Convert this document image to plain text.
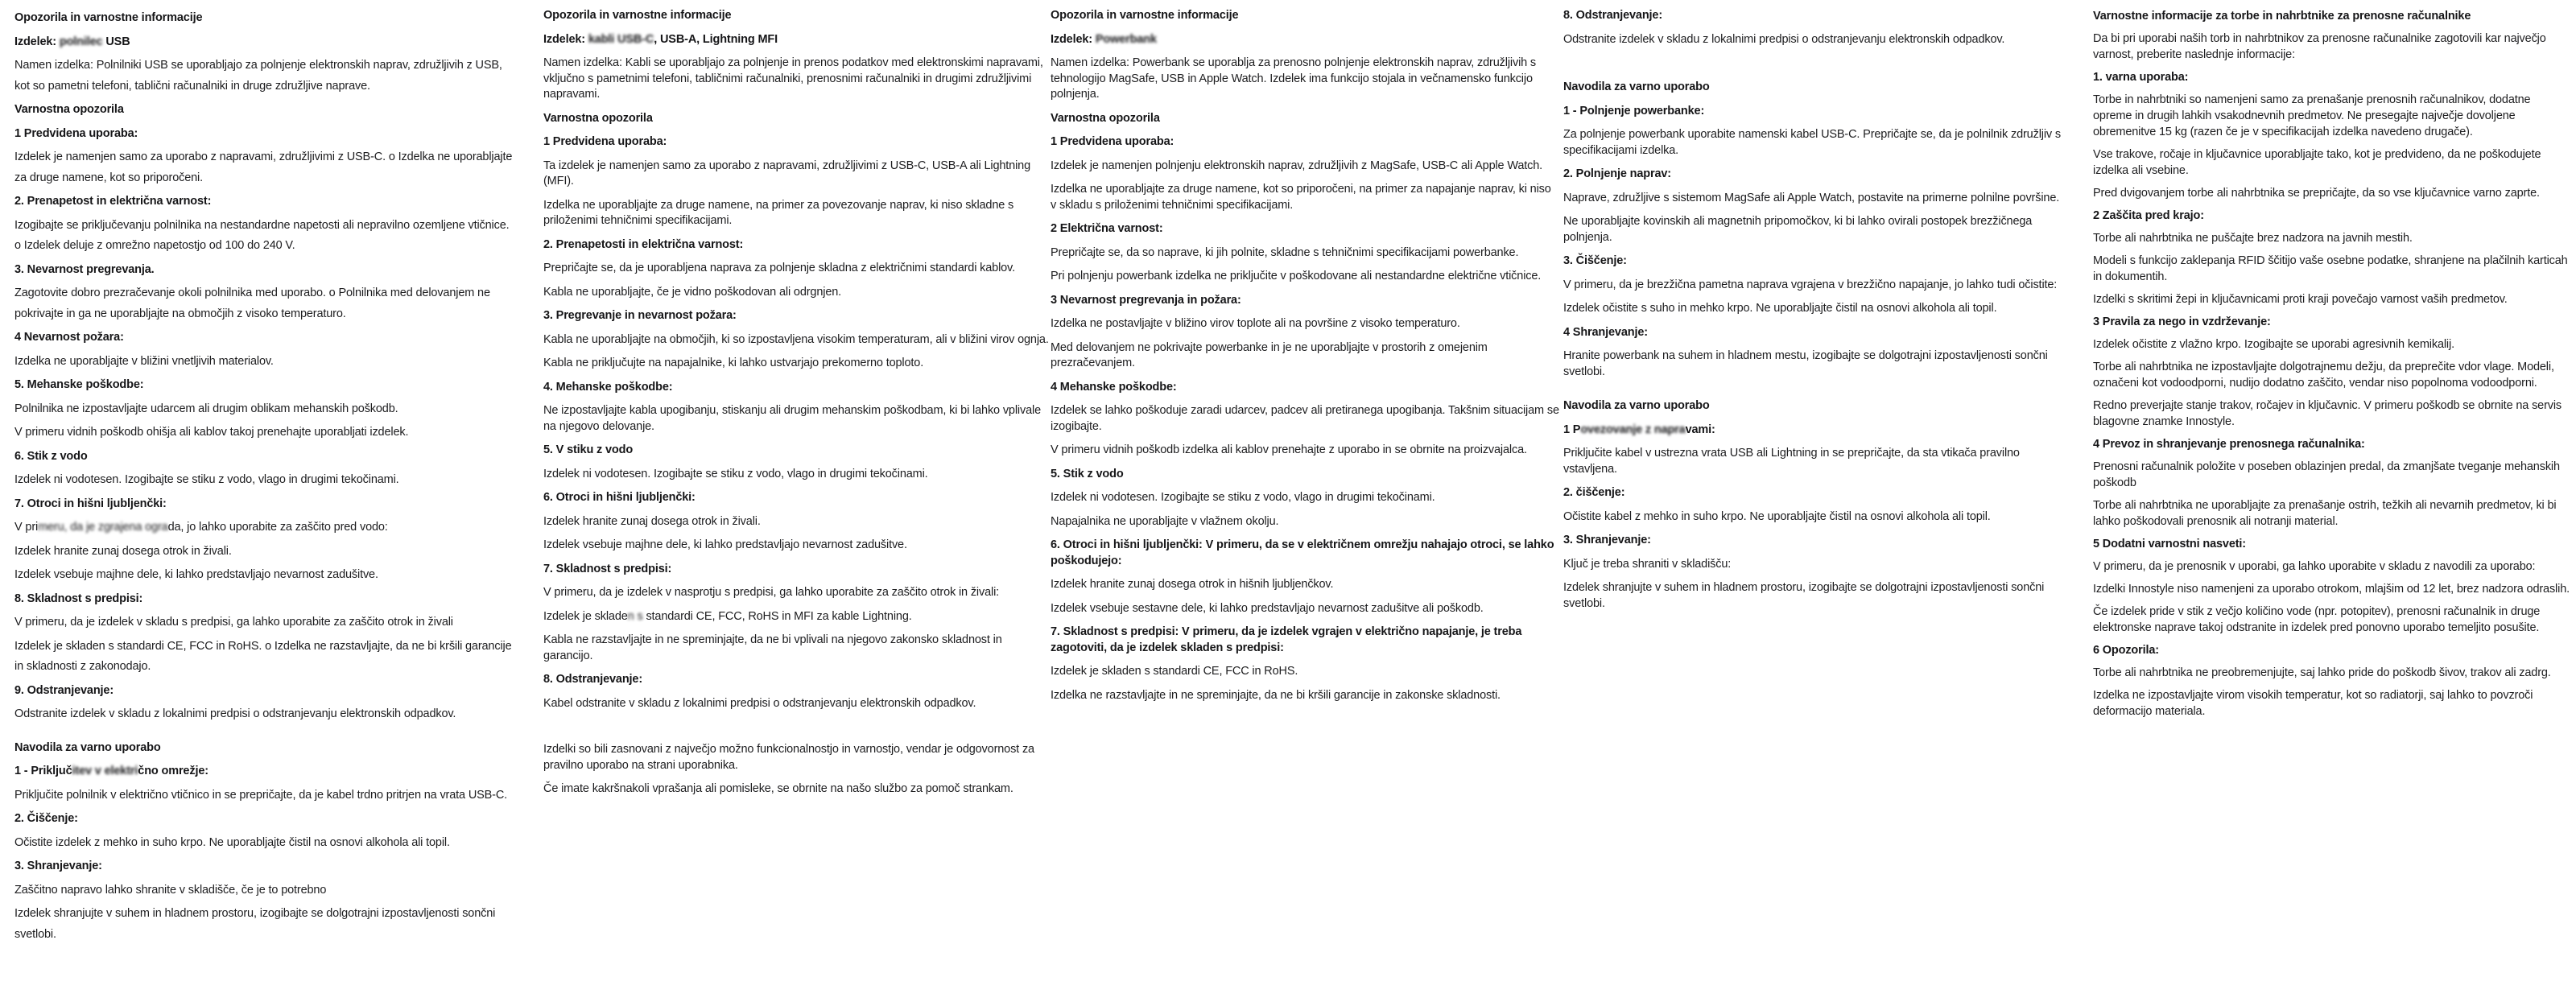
Opozorila in varnostne informacije
Izdelek: polnilec USB
Namen izdelka: Polnilniki USB se uporabljajo za polnjenje elektronskih naprav, združljivih z USB, kot so pametni telefoni, tablični računalniki in druge združljive naprave.
Varnostna opozorila
1 Predvidena uporaba:
Izdelek je namenjen samo za uporabo z napravami, združljivimi z USB-C. o Izdelka ne uporabljajte za druge namene, kot so priporočeni.
2. Prenapetost in električna varnost:
Izogibajte se priključevanju polnilnika na nestandardne napetosti ali nepravilno ozemljene vtičnice. o Izdelek deluje z omrežno napetostjo od 100 do 240 V.
3. Nevarnost pregrevanja.
Zagotovite dobro prezračevanje okoli polnilnika med uporabo. o Polnilnika med delovanjem ne pokrivajte in ga ne uporabljajte na območjih z visoko temperaturo.
4 Nevarnost požara:
Izdelka ne uporabljajte v bližini vnetljivih materialov.
5. Mehanske poškodbe:
Polnilnika ne izpostavljajte udarcem ali drugim oblikam mehanskih poškodb.
V primeru vidnih poškodb ohišja ali kablov takoj prenehajte uporabljati izdelek.
6. Stik z vodo
Izdelek ni vodotesen. Izogibajte se stiku z vodo, vlago in drugimi tekočinami.
7. Otroci in hišni ljubljenčki:
V primeru, da je zgrajena ograda, jo lahko uporabite za zaščito pred vodo:
Izdelek hranite zunaj dosega otrok in živali.
Izdelek vsebuje majhne dele, ki lahko predstavljajo nevarnost zadušitve.
8. Skladnost s predpisi:
V primeru, da je izdelek v skladu s predpisi, ga lahko uporabite za zaščito otrok in živali
Izdelek je skladen s standardi CE, FCC in RoHS. o Izdelka ne razstavljajte, da ne bi kršili garancije in skladnosti z zakonodajo.
9. Odstranjevanje:
Odstranite izdelek v skladu z lokalnimi predpisi o odstranjevanju elektronskih odpadkov.
Navodila za varno uporabo
1 - Priključitev v električno omrežje:
Priključite polnilnik v električno vtičnico in se prepričajte, da je kabel trdno pritrjen na vrata USB-C.
2. Čiščenje:
Očistite izdelek z mehko in suho krpo. Ne uporabljajte čistil na osnovi alkohola ali topil.
3. Shranjevanje:
Zaščitno napravo lahko shranite v skladišče, če je to potrebno
Izdelek shranjujte v suhem in hladnem prostoru, izogibajte se dolgotrajni izpostavljenosti sončni svetlobi.
Opozorila in varnostne informacije
Izdelek: kabli USB-C, USB-A, Lightning MFI
Namen izdelka: Kabli se uporabljajo za polnjenje in prenos podatkov med elektronskimi napravami, vključno s pametnimi telefoni, tabličnimi računalniki, prenosnimi računalniki in drugimi združljivimi napravami.
Varnostna opozorila
1 Predvidena uporaba:
Ta izdelek je namenjen samo za uporabo z napravami, združljivimi z USB-C, USB-A ali Lightning (MFI).
Izdelka ne uporabljajte za druge namene, na primer za povezovanje naprav, ki niso skladne s priloženimi tehničnimi specifikacijami.
2. Prenapetosti in električna varnost:
Prepričajte se, da je uporabljena naprava za polnjenje skladna z električnimi standardi kablov.
Kabla ne uporabljajte, če je vidno poškodovan ali odrgnjen.
3. Pregrevanje in nevarnost požara:
Kabla ne uporabljajte na območjih, ki so izpostavljena visokim temperaturam, ali v bližini virov ognja.
Kabla ne priključujte na napajalnike, ki lahko ustvarjajo prekomerno toploto.
4. Mehanske poškodbe:
Ne izpostavljajte kabla upogibanju, stiskanju ali drugim mehanskim poškodbam, ki bi lahko vplivale na njegovo delovanje.
5. V stiku z vodo
Izdelek ni vodotesen. Izogibajte se stiku z vodo, vlago in drugimi tekočinami.
6. Otroci in hišni ljubljenčki:
Izdelek hranite zunaj dosega otrok in živali.
Izdelek vsebuje majhne dele, ki lahko predstavljajo nevarnost zadušitve.
7. Skladnost s predpisi:
V primeru, da je izdelek v nasprotju s predpisi, ga lahko uporabite za zaščito otrok in živali:
Izdelek je skladen s standardi CE, FCC, RoHS in MFI za kable Lightning.
Kabla ne razstavljajte in ne spreminjajte, da ne bi vplivali na njegovo zakonsko skladnost in garancijo.
8. Odstranjevanje:
Kabel odstranite v skladu z lokalnimi predpisi o odstranjevanju elektronskih odpadkov.
Izdelki so bili zasnovani z največjo možno funkcionalnostjo in varnostjo, vendar je odgovornost za pravilno uporabo na strani uporabnika.
Če imate kakršnakoli vprašanja ali pomisleke, se obrnite na našo službo za pomoč strankam.
Opozorila in varnostne informacije
Izdelek: Powerbank
Namen izdelka: Powerbank se uporablja za prenosno polnjenje elektronskih naprav, združljivih s tehnologijo MagSafe, USB in Apple Watch. Izdelek ima funkcijo stojala in večnamensko funkcijo polnjenja.
Varnostna opozorila
1 Predvidena uporaba:
Izdelek je namenjen polnjenju elektronskih naprav, združljivih z MagSafe, USB-C ali Apple Watch.
Izdelka ne uporabljajte za druge namene, kot so priporočeni, na primer za napajanje naprav, ki niso v skladu s priloženimi tehničnimi specifikacijami.
2 Električna varnost:
Prepričajte se, da so naprave, ki jih polnite, skladne s tehničnimi specifikacijami powerbanke.
Pri polnjenju powerbank izdelka ne priključite v poškodovane ali nestandardne električne vtičnice.
3 Nevarnost pregrevanja in požara:
Izdelka ne postavljajte v bližino virov toplote ali na površine z visoko temperaturo.
Med delovanjem ne pokrivajte powerbanke in je ne uporabljajte v prostorih z omejenim prezračevanjem.
4 Mehanske poškodbe:
Izdelek se lahko poškoduje zaradi udarcev, padcev ali pretiranega upogibanja. Takšnim situacijam se izogibajte.
V primeru vidnih poškodb izdelka ali kablov prenehajte z uporabo in se obrnite na proizvajalca.
5. Stik z vodo
Izdelek ni vodotesen. Izogibajte se stiku z vodo, vlago in drugimi tekočinami.
Napajalnika ne uporabljajte v vlažnem okolju.
6. Otroci in hišni ljubljenčki: V primeru, da se v električnem omrežju nahajajo otroci, se lahko poškodujejo:
Izdelek hranite zunaj dosega otrok in hišnih ljubljenčkov.
Izdelek vsebuje sestavne dele, ki lahko predstavljajo nevarnost zadušitve ali poškodb.
7. Skladnost s predpisi: V primeru, da je izdelek vgrajen v električno napajanje, je treba zagotoviti, da je izdelek skladen s predpisi:
Izdelek je skladen s standardi CE, FCC in RoHS.
Izdelka ne razstavljajte in ne spreminjajte, da ne bi kršili garancije in zakonske skladnosti.
8. Odstranjevanje:
Odstranite izdelek v skladu z lokalnimi predpisi o odstranjevanju elektronskih odpadkov.
Navodila za varno uporabo
1 - Polnjenje powerbanke:
Za polnjenje powerbank uporabite namenski kabel USB-C. Prepričajte se, da je polnilnik združljiv s specifikacijami izdelka.
2. Polnjenje naprav:
Naprave, združljive s sistemom MagSafe ali Apple Watch, postavite na primerne polnilne površine.
Ne uporabljajte kovinskih ali magnetnih pripomočkov, ki bi lahko ovirali postopek brezžičnega polnjenja.
3. Čiščenje:
V primeru, da je brezžična pametna naprava vgrajena v brezžično napajanje, jo lahko tudi očistite:
Izdelek očistite s suho in mehko krpo. Ne uporabljajte čistil na osnovi alkohola ali topil.
4 Shranjevanje:
Hranite powerbank na suhem in hladnem mestu, izogibajte se dolgotrajni izpostavljenosti sončni svetlobi.
Navodila za varno uporabo
1 Povezovanje z napravami:
Priključite kabel v ustrezna vrata USB ali Lightning in se prepričajte, da sta vtikača pravilno vstavljena.
2. čiščenje:
Očistite kabel z mehko in suho krpo. Ne uporabljajte čistil na osnovi alkohola ali topil.
3. Shranjevanje:
Ključ je treba shraniti v skladišču:
Izdelek shranjujte v suhem in hladnem prostoru, izogibajte se dolgotrajni izpostavljenosti sončni svetlobi.
Varnostne informacije za torbe in nahrbtnike za prenosne računalnike
Da bi pri uporabi naših torb in nahrbtnikov za prenosne računalnike zagotovili kar največjo varnost, preberite naslednje informacije:
1. varna uporaba:
Torbe in nahrbtniki so namenjeni samo za prenašanje prenosnih računalnikov, dodatne opreme in drugih lahkih vsakodnevnih predmetov. Ne presegajte največje dovoljene obremenitve 15 kg (razen če je v specifikacijah izdelka navedeno drugače).
Vse trakove, ročaje in ključavnice uporabljajte tako, kot je predvideno, da ne poškodujete izdelka ali vsebine.
Pred dvigovanjem torbe ali nahrbtnika se prepričajte, da so vse ključavnice varno zaprte.
2 Zaščita pred krajo:
Torbe ali nahrbtnika ne puščajte brez nadzora na javnih mestih.
Modeli s funkcijo zaklepanja RFID ščitijo vaše osebne podatke, shranjene na plačilnih karticah in dokumentih.
Izdelki s skritimi žepi in ključavnicami proti kraji povečajo varnost vaših predmetov.
3 Pravila za nego in vzdrževanje:
Izdelek očistite z vlažno krpo. Izogibajte se uporabi agresivnih kemikalij.
Torbe ali nahrbtnika ne izpostavljajte dolgotrajnemu dežju, da preprečite vdor vlage. Modeli, označeni kot vodoodporni, nudijo dodatno zaščito, vendar niso popolnoma vodoodporni.
Redno preverjajte stanje trakov, ročajev in ključavnic. V primeru poškodb se obrnite na servis blagovne znamke Innostyle.
4 Prevoz in shranjevanje prenosnega računalnika:
Prenosni računalnik položite v poseben oblazinjen predal, da zmanjšate tveganje mehanskih poškodb
Torbe ali nahrbtnika ne uporabljajte za prenašanje ostrih, težkih ali nevarnih predmetov, ki bi lahko poškodovali prenosnik ali notranji material.
5 Dodatni varnostni nasveti:
V primeru, da je prenosnik v uporabi, ga lahko uporabite v skladu z navodili za uporabo:
Izdelki Innostyle niso namenjeni za uporabo otrokom, mlajšim od 12 let, brez nadzora odraslih.
Če izdelek pride v stik z večjo količino vode (npr. potopitev), prenosni računalnik in druge elektronske naprave takoj odstranite in izdelek pred ponovno uporabo temeljito posušite.
6 Opozorila:
Torbe ali nahrbtnika ne preobremenjujte, saj lahko pride do poškodb šivov, trakov ali zadrg.
Izdelka ne izpostavljajte virom visokih temperatur, kot so radiatorji, saj lahko to povzroči deformacijo materiala.
